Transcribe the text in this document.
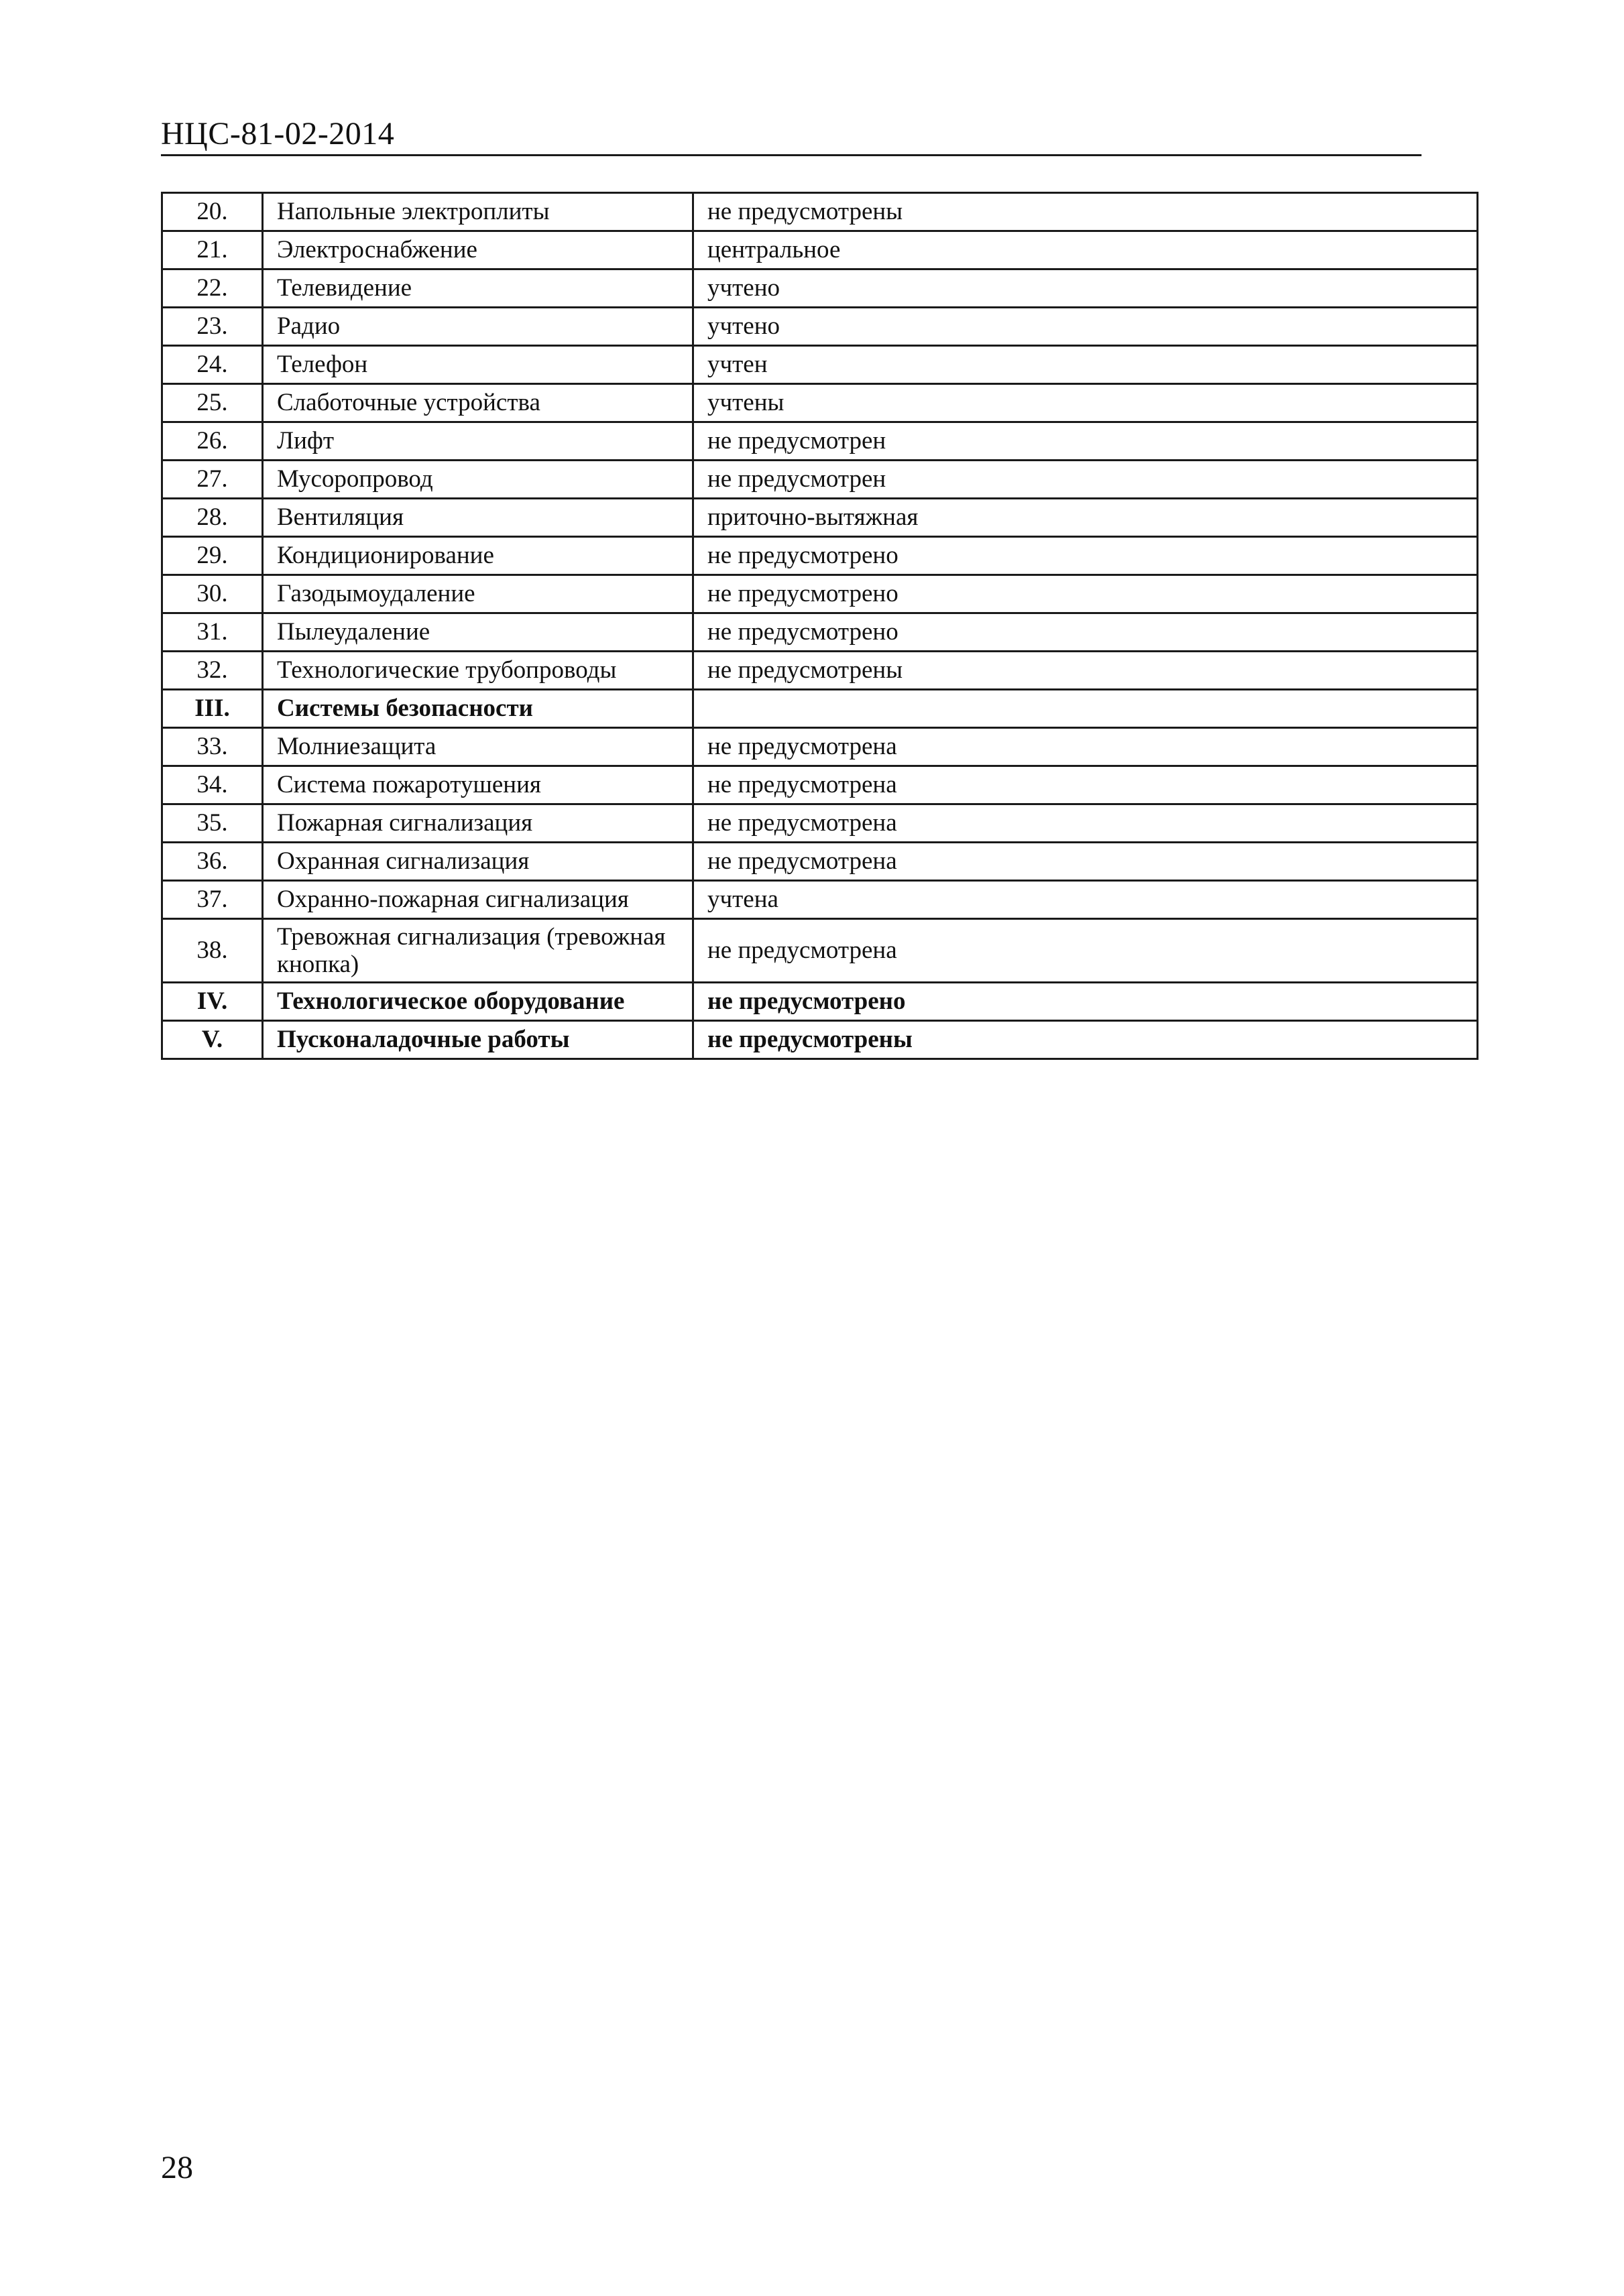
НЦС-81-02-2014
20.	Напольные электроплиты	не предусмотрены
21.	Электроснабжение	центральное
22.	Телевидение	учтено
23.	Радио	учтено
24.	Телефон	учтен
25.	Слаботочные устройства	учтены
26.	Лифт	не предусмотрен
27.	Мусоропровод	не предусмотрен
28.	Вентиляция	приточно-вытяжная
29.	Кондиционирование	не предусмотрено
30.	Газодымоудаление	не предусмотрено
31.	Пылеудаление	не предусмотрено
32.	Технологические трубопроводы	не предусмотрены
III.	Системы безопасности	
33.	Молниезащита	не предусмотрена
34.	Система пожаротушения	не предусмотрена
35.	Пожарная сигнализация	не предусмотрена
36.	Охранная сигнализация	не предусмотрена
37.	Охранно-пожарная сигнализация	учтена
38.	Тревожная сигнализация (тревожная кнопка)	не предусмотрена
IV.	Технологическое оборудование	не предусмотрено
V.	Пусконаладочные работы	не предусмотрены
28
